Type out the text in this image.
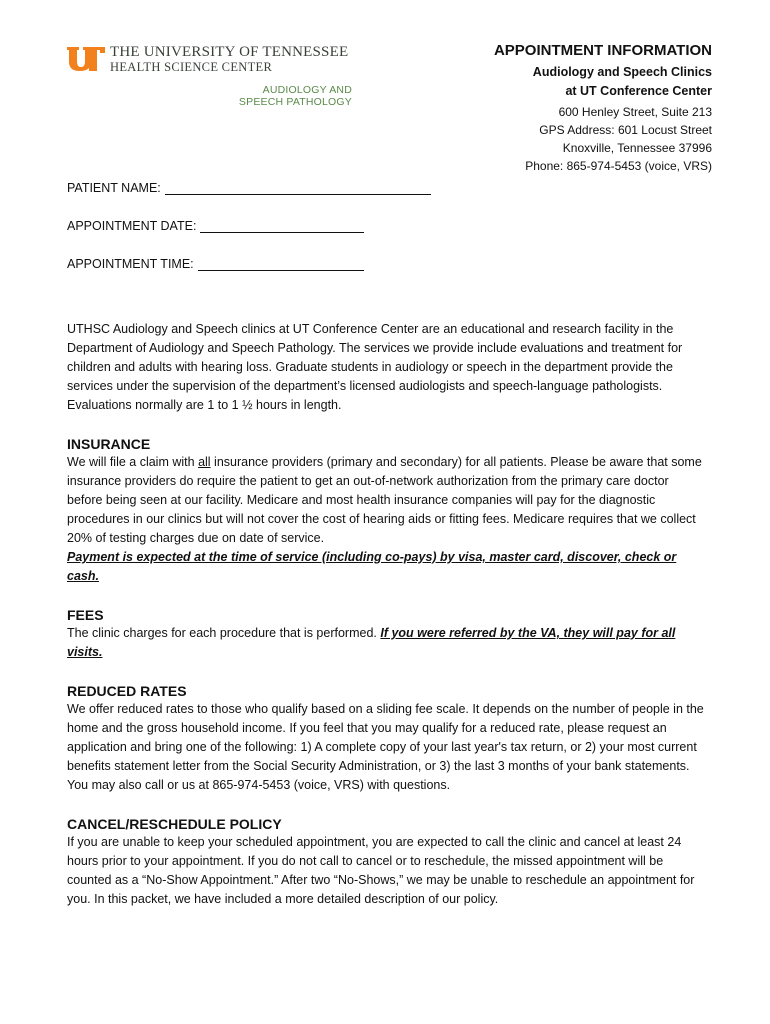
THE UNIVERSITY OF TENNESSEE
HEALTH SCIENCE CENTER
AUDIOLOGY AND
SPEECH PATHOLOGY
APPOINTMENT INFORMATION
Audiology and Speech Clinics
at UT Conference Center
600 Henley Street, Suite 213
GPS Address: 601 Locust Street
Knoxville, Tennessee 37996
Phone: 865-974-5453 (voice, VRS)
PATIENT NAME:
APPOINTMENT DATE:
APPOINTMENT TIME:

UTHSC Audiology and Speech clinics at UT Conference Center are an educational and research facility in the Department of Audiology and Speech Pathology. The services we provide include evaluations and treatment for children and adults with hearing loss. Graduate students in audiology or speech in the department provide the services under the supervision of the department’s licensed audiologists and speech-language pathologists. Evaluations normally are 1 to 1 ½ hours in length.

INSURANCE

We will file a claim with all insurance providers (primary and secondary) for all patients. Please be aware that some insurance providers do require the patient to get an out-of-network authorization from the primary care doctor before being seen at our facility. Medicare and most health insurance companies will pay for the diagnostic procedures in our clinics but will not cover the cost of hearing aids or fitting fees. Medicare requires that we collect 20% of testing charges due on date of service.
Payment is expected at the time of service (including co-pays) by visa, master card, discover, check or cash.

FEES

The clinic charges for each procedure that is performed. If you were referred by the VA, they will pay for all visits.

REDUCED RATES

We offer reduced rates to those who qualify based on a sliding fee scale. It depends on the number of people in the home and the gross household income. If you feel that you may qualify for a reduced rate, please request an application and bring one of the following: 1) A complete copy of your last year's tax return, or 2) your most current benefits statement letter from the Social Security Administration, or 3) the last 3 months of your bank statements. You may also call or us at 865-974-5453 (voice, VRS) with questions.

CANCEL/RESCHEDULE POLICY

If you are unable to keep your scheduled appointment, you are expected to call the clinic and cancel at least 24 hours prior to your appointment. If you do not call to cancel or to reschedule, the missed appointment will be counted as a “No-Show Appointment.” After two “No-Shows,” we may be unable to reschedule an appointment for you. In this packet, we have included a more detailed description of our policy.
